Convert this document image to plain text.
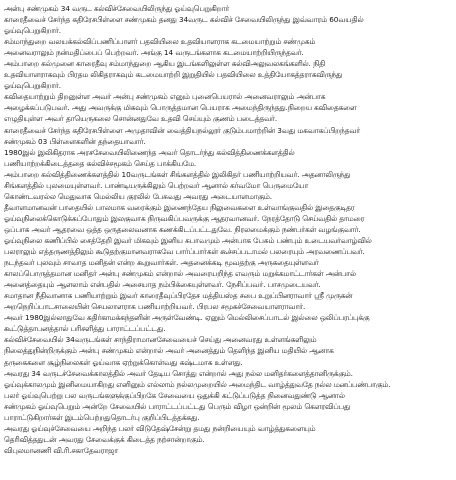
அன்பு சண்முகம் 34 வருட கல்விச்சேவையிலிருந்து ஓய்வுபெறுகிறார்
காரைதீவைச் சேர்ந்த கதிரேசபிள்ளை சண்முகம் தனது 34வருட கல்விச் சேவையிலிருந்து இவ்வாரம் 60வயதில்
ஓய்வுபெறுகிறார்.
சம்மாந்துறை வலயக்கல்விப்பணிப்பாளர் பதவியிலை உதவியாளராக கடமையாற்றும் சண்முகம்
அனைவராலும் நன்மதிப்பைப் பெற்றவர். அங்கு 14 வருடங்களாக கடமையாற்றியிருந்தவர்.
அம்பாறை கல்முனை காரைதீவு சம்மாந்துறை ஆகிய இடங்களிலுள்ள கல்விஅலுவலகங்களில். நிதி
உதவியாளராகவும் பிரதம லிகிதராகவும் கடமையாற்றி இறுதியில் பதவியிலை உத்தியோகத்தராகவிருந்து
ஓய்வுபெறுகிறார்.
கவிதையாற்றும் திறனுள்ள அவர் அன்பு சண்முகம் எனும் புனைபெயரால் அனைவராலும் அன்பாக
அழைக்கப்படுபவர். அது அவருக்கு மிகவும் பொருத்தமான பெயராக அமைந்திருந்தது.நிறைய கவிதைகளை
எழுதியுள்ள அவர் தாயெருகலை சொன்னதுவே உதவி செய்யும் குணம் படைத்தவர்.
காரைதீவைச் சேர்ந்த கதிரேசபிள்ளை அமுதாவின் வைத்தியநல்லூர் குடும்பமாற்றின் 3வது மகவாகப்பிறந்தவர்
சண்முகம் 03 பிள்ளைகளின் தந்தையாவார்.
1980இல் இலிகிதராக அரசசேவையிலிணைந்த அவர் தொடர்ந்து கல்வித்திணைக்களத்தில்
பணியாற்றக்கிடைத்ததை கல்விச்சமூகம் செய்த பாக்கியமே.
அம்பாறை கல்வித்திணைக்களத்தில் 10வருடங்கள் சிங்களத்தில் இலிகிதர் பணியாற்றியவர். அதனாலிருந்து
சிங்களத்தில் புலமையுள்ளவர். பாண்டியருக்கிலும் பெற்றவர் ஆனால் கர்வமோ பெருமையோ
கொண்டவரல்ல மெதுவாக மெல்லிய குரலில் பேசுவது அவரது அடையாளமாகும்.
தீவாளமானவன் பாதையில் பாலமாக வரைக்கும் இணைந்தேய நிலுவைகளை உள்வாங்குவதில் இதைகுடிதர
ஓய்வுநிலைக்கொடுக்கப்போதும் இலகுவாக நிருவகிப்பவருக்கு ஆதரவானவர். நேரத்தோடு செய்வதில் தாமரை
ஒப்பாக அவர் ஆதரவை ஒத்த ஒருதலைவனாக கணக்கிடப்பட்டதுவே. நிரலமைக்கும் நண்பர்கள் வழங்குவார்.
ஓய்வுநிலை கணிப்பில் சைத்தேறி இவர் மிகவும் இனிய சுபாவமும் அன்பாக பேசும் பண்பும் உடையவர்வாழ்வில்
பலராலும் எத்தருணத்திலும் கூடுதற்குமானவராகவே பார்ப்பார்கள் கூச்சப்படாமல் பலரையும் அரவணைப்பவர்.
நடந்தவர் புலவும் சாவாத மனிதன் என்ற கூறுவார்கள். அதனைக்கடி மூவதற்கு அருகதையுள்ளவர்
காலப்பொருத்தமான மனிதர் அன்பு சண்முகம் என்றால் அவரையறிந்த எவரும் மறுக்கமாட்டார்கள் அன்பால்
அனைத்தையும் ஆளலாம் என்பதில் அசையாத நம்பிக்கையுள்ளவர். நேசிப்பவர். பாசமுடையவர்.
சமாதான நீதிவானாக பணியாற்றும் இவர் காரைதீவுப்பிரதேச மத்தியஸ்த சபை உறுப்பினராவார் ஸ்ரீ முருகன்
அறநெறிப்பாடசாலையின் செயலாளராக பணியாற்றியவர். பிரபல சமூகச்சேவையாளராவார்.
அவர் 1980இல்லாதுவே கதிர்காமக்கந்தனின் அருள்வேண்டி. ஏனும் மெல்லிசைப்பாடல் இல்லை ஒலிப்பரப்புக்கு
கூட்டுத்தாபனத்தால் பரிசளித்து பாராட்டப்பட்டது.
கல்விச்சேவையில் 34வருடங்கள் சாந்திராமானசேவையைச் செய்து அனைவரது உள்ளங்களிலும்
நிலைத்துநின்றிருக்கும் அன்பு சண்முகம் என்றால் அவர் அனைத்தும் தெளிந்த இனிய மதியில் ஆனாக
தருகைகளை சூழ்நிலைகள் ஓய்வாக ஏற்றுக்கொள்வது கஷ்டமாக உள்ளது.
அவரது 34 வருடச்சேவைக்காலத்தில் அவர் தேடிய சொத்து என்றால் அது நல்ல மனிதர்களைத்தானிருக்கும்.
ஓய்வுக்காலமும் இனிமையாகிறது எனினும் எல்லாம் நல்லமுறையில் அமைந்திட வாழ்த்துவதே நல்ல மனப்பண்பாகும்.
பலர் ஓய்வுபெற்று பல வருடங்களுக்குப்பிறகே சேவையை ஒதுக்கி கட்டுப்படுத்த நினைவதுண்டு ஆனால்
சண்முகம் ஓய்வுபெறும் அன்றே சேவையில் பாராட்டப்பட்டது பெரும் விழா ஒன்றின் மூலம் கௌரவிப்பது
பாராட்டுகிறார்கள் இடம்பெற்றதுதொடர்பு குறிப்பிடத்தக்கது.
அவரது ஓய்வுச்சேவையை அறிந்த பலர் விடுதேஷ்சேன்று தமது நன்றியையும் வாழ்த்துகளையும்
தெரிவித்ததுடன் அவரது சேவைக்குக் கிடைத்த நற்சான்றாகும்.
விபுலமானணி வி.ரி.சகாதேவராஜா
